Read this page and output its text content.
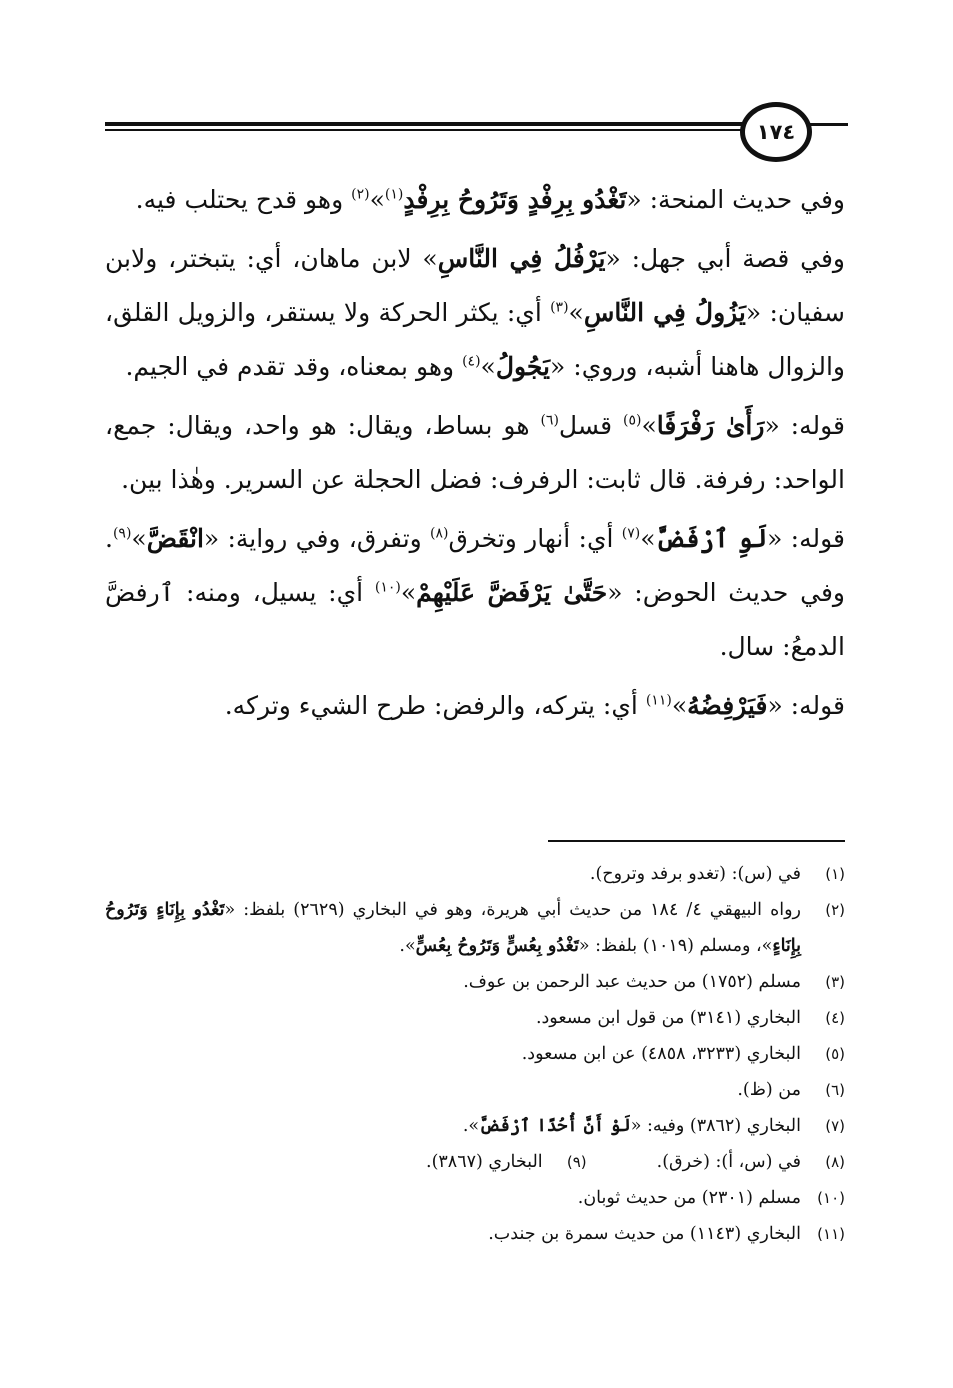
١٧٤

وفي حديث المنحة: «تَغْدُو بِرِفْدٍ وَتَرُوحُ بِرِفْدٍ$^{(١)}$»$^{(٢)}$ وهو قدح يحتلب فيه.

وفي قصة أبي جهل: «يَرْفُلُ فِي النَّاسِ» لابن ماهان، أي: يتبختر، ولابن سفيان: «يَزُولُ فِي النَّاسِ»$^{(٣)}$ أي: يكثر الحركة ولا يستقر، والزويل القلق، والزوال هاهنا أشبه، وروي: «يَجُولُ»$^{(٤)}$ وهو بمعناه، وقد تقدم في الجيم.

قوله: «رَأَىٰ رَفْرَفًا»$^{(٥)}$ قسل$^{(٦)}$ هو بساط، ويقال: هو واحد، ويقال: جمع، الواحد: رفرفة. قال ثابت: الرفرف: فضل الحجلة عن السرير. وهٰذا بين.

قوله: «لَوِ ٱرْفَضَّ»$^{(٧)}$ أي: أنهار وتخرق$^{(٨)}$ وتفرق، وفي رواية: «انْقَضَّ»$^{(٩)}$. وفي حديث الحوض: «حَتَّىٰ يَرْفَضَّ عَلَيْهِمْ»$^{(١٠)}$ أي: يسيل، ومنه: ٱرفضَّ الدمعُ: سال.

قوله: «فَيَرْفِضُهُ»$^{(١١)}$ أي: يتركه، والرفض: طرح الشيء وتركه.

(١)
في (س): (تغدو برفد وتروح).
(٢)
رواه البيهقي ٤/ ١٨٤ من حديث أبي هريرة، وهو في البخاري (٢٦٢٩) بلفظ: «تَغْدُو بِإِنَاءٍ وَتَرُوحُ بِإِنَاءٍ»، ومسلم (١٠١٩) بلفظ: «تَغْدُو بِعُسٍّ وَتَرُوحُ بِعُسٍّ».
(٣)
مسلم (١٧٥٢) من حديث عبد الرحمن بن عوف.
(٤)
البخاري (٣١٤١) من قول ابن مسعود.
(٥)
البخاري (٣٢٣٣، ٤٨٥٨) عن ابن مسعود.
(٦)
من (ظ).
(٧)
البخاري (٣٨٦٢) وفيه: «لَوْ أَنَّ أُحُدًا ٱرْفَضَّ».
(٨)
في (س، أ): (خرق).
(٩)
البخاري (٣٨٦٧).
(١٠)
مسلم (٢٣٠١) من حديث ثوبان.
(١١)
البخاري (١١٤٣) من حديث سمرة بن جندب.
